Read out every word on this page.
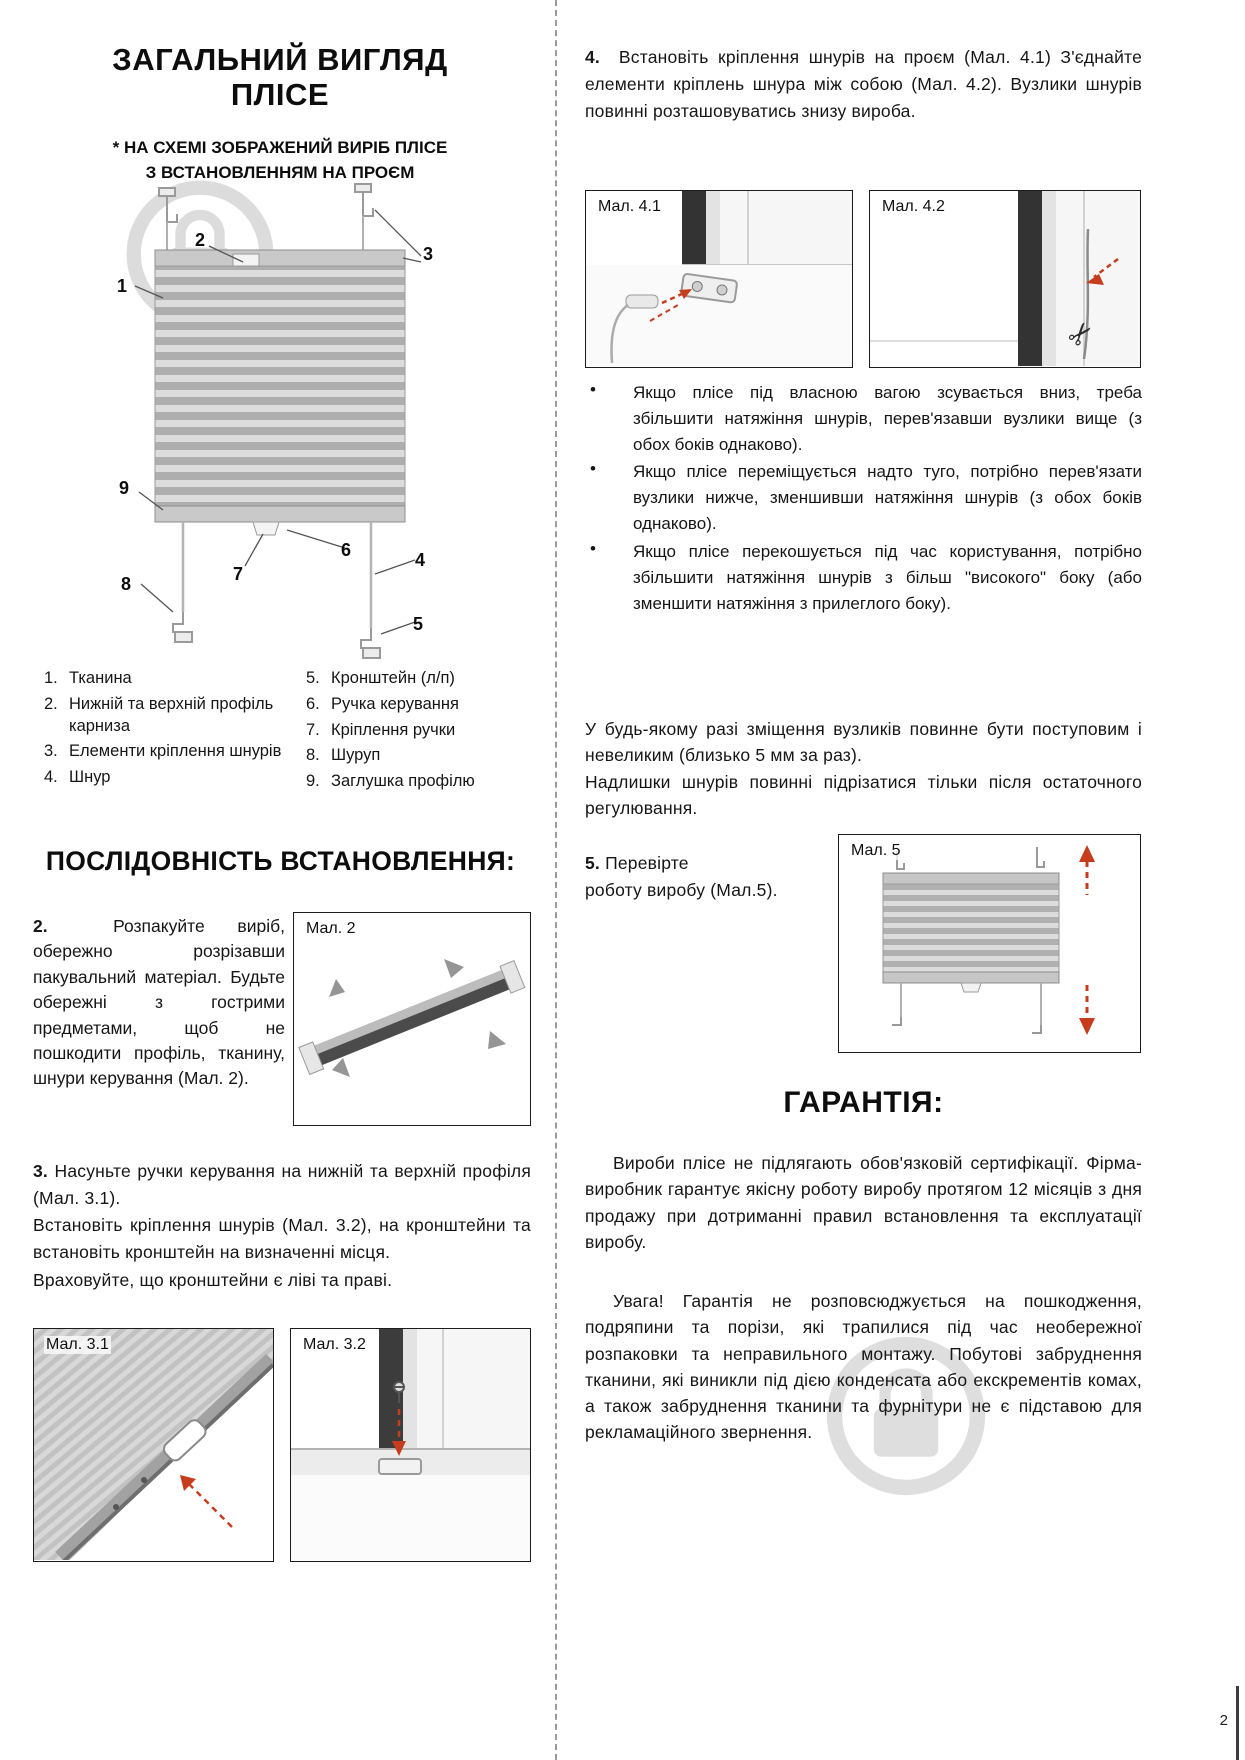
ЗАГАЛЬНИЙ ВИГЛЯД
ПЛІСЕ
* НА СХЕМІ ЗОБРАЖЕНИЙ ВИРІБ ПЛІСЕ
З ВСТАНОВЛЕННЯМ НА ПРОЄМ
1
2
3
4
5
6
7
8
9
1. Тканина
2. Нижній та верхній профіль карниза
3. Елементи кріплення шнурів
4. Шнур
5. Кронштейн (л/п)
6. Ручка керування
7. Кріплення ручки
8. Шуруп
9. Заглушка профілю
ПОСЛІДОВНІСТЬ ВСТАНОВЛЕННЯ:
2.	Розпакуйте виріб, обережно розрізавши пакувальний матеріал. Будьте обережні з гострими предметами, щоб не пошкодити профіль, тканину, шнури керування (Мал. 2).
Мал. 2

3. Насуньте ручки керування на нижній та верхній профіля (Мал. 3.1).

Встановіть кріплення шнурів (Мал. 3.2), на кронштейни та встановіть кронштейн на визначенні місця.

Враховуйте, що кронштейни є ліві та праві.

Мал. 3.1	Мал. 3.2
4. Встановіть кріплення шнурів на проєм (Мал. 4.1) З'єднайте елементи кріплень шнура між собою (Мал. 4.2). Вузлики шнурів повинні розташовуватись знизу вироба.
Мал. 4.1	Мал. 4.2
✂
•	Якщо плісе під власною вагою зсувається вниз, треба збільшити натяжіння шнурів, перев'язавши вузлики вище (з обох боків однаково).
•	Якщо плісе переміщується надто туго, потрібно перев'язати вузлики нижче, зменшивши натяжіння шнурів (з обох боків однаково).
•	Якщо плісе перекошується під час користування, потрібно збільшити натяжіння шнурів з більш "високого" боку (або зменшити натяжіння з прилеглого боку).

У будь-якому разі зміщення вузликів повинне бути поступовим і невеликим (близько 5 мм за раз).

Надлишки шнурів повинні підрізатися тільки після остаточного регулювання.

5. Перевірте
роботу виробу (Мал.5).
Мал. 5
ГАРАНТІЯ:
Вироби плісе не підлягають обов'язковій сертифікації. Фірма-виробник гарантує якісну роботу виробу протягом 12 місяців з дня продажу при дотриманні правил встановлення та експлуатації виробу.
Увага! Гарантія не розповсюджується на пошкодження, подряпини та порізи, які трапилися під час необережної розпаковки та неправильного монтажу. Побутові забруднення тканини, які виникли під дією конденсата або екскрементів комах, а також забруднення тканини та фурнітури не є підставою для рекламаційного звернення.
2
